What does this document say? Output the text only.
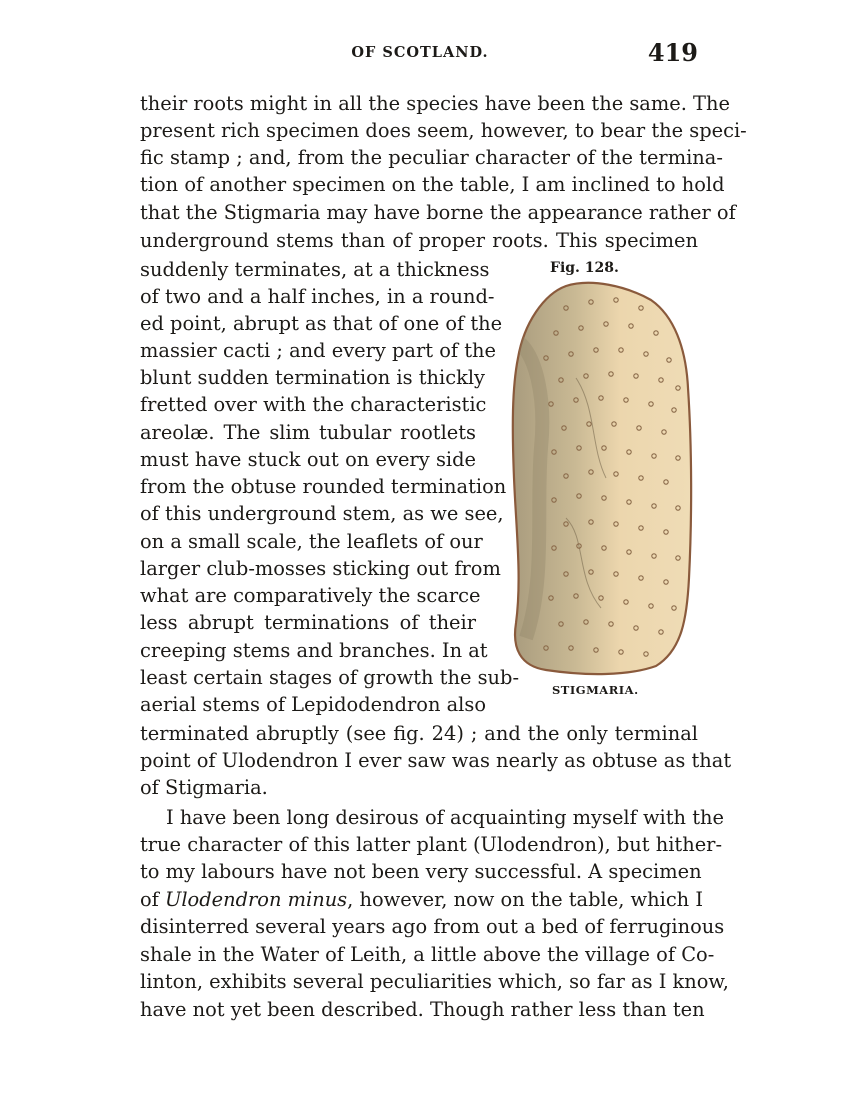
OF SCOTLAND.	419
their roots might in all the species have been the same. The
present rich specimen does seem, however, to bear the speci-
fic stamp ; and, from the peculiar character of the termina-
tion of another specimen on the table, I am inclined to hold
that the Stigmaria may have borne the appearance rather of
underground stems than of proper roots. This specimen
suddenly terminates, at a thickness
of two and a half inches, in a round-
ed point, abrupt as that of one of the
massier cacti ; and every part of the
blunt sudden termination is thickly
fretted over with the characteristic
areolæ. The slim tubular rootlets
must have stuck out on every side
from the obtuse rounded termination
of this underground stem, as we see,
on a small scale, the leaflets of our
larger club-mosses sticking out from
what are comparatively the scarce
less abrupt terminations of their
creeping stems and branches. In at
least certain stages of growth the sub-
aerial stems of Lepidodendron also
terminated abruptly (see fig. 24) ; and the only terminal
point of Ulodendron I ever saw was nearly as obtuse as that
of Stigmaria.
I have been long desirous of acquainting myself with the
true character of this latter plant (Ulodendron), but hither-
to my labours have not been very successful. A specimen
of Ulodendron minus, however, now on the table, which I
disinterred several years ago from out a bed of ferruginous
shale in the Water of Leith, a little above the village of Co-
linton, exhibits several peculiarities which, so far as I know,
have not yet been described. Though rather less than ten
Fig. 128.
STIGMARIA.
